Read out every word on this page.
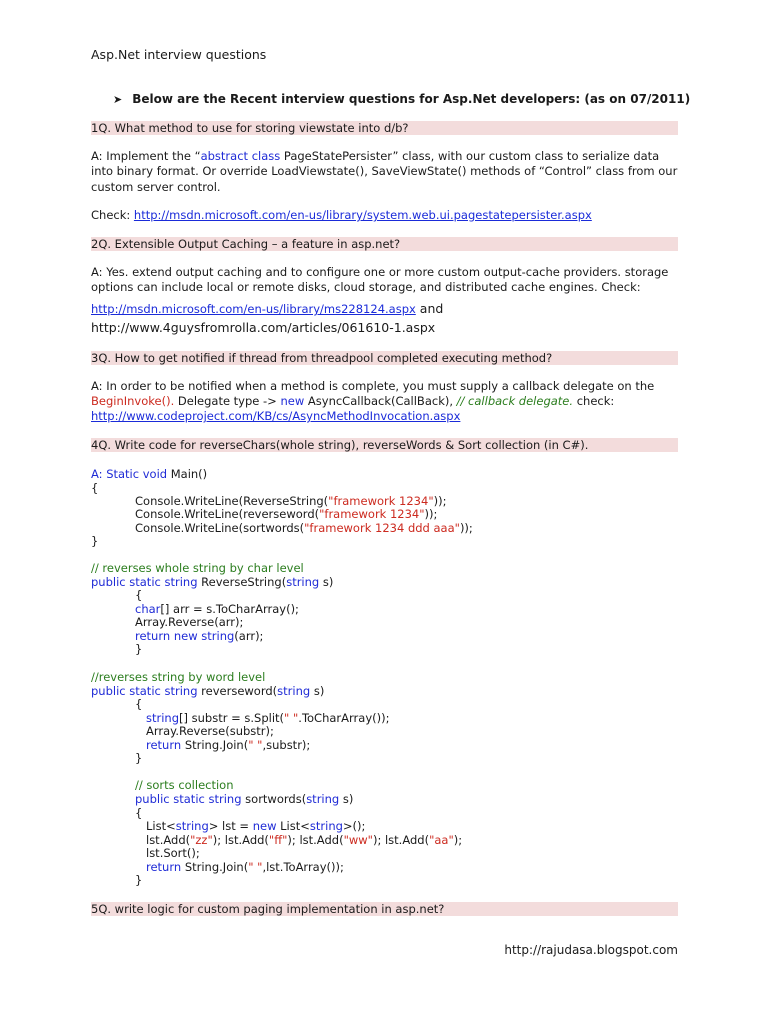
Asp.Net interview questions
➤ Below are the Recent interview questions for Asp.Net developers: (as on 07/2011)
1Q. What method to use for storing viewstate into d/b?
A: Implement the “abstract class PageStatePersister” class, with our custom class to serialize data into binary format. Or override LoadViewstate(), SaveViewState() methods of “Control” class from our custom server control.
Check: http://msdn.microsoft.com/en-us/library/system.web.ui.pagestatepersister.aspx
2Q. Extensible Output Caching – a feature in asp.net?
A: Yes. extend output caching and to configure one or more custom output-cache providers. storage options can include local or remote disks, cloud storage, and distributed cache engines. Check:
http://msdn.microsoft.com/en-us/library/ms228124.aspx and
http://www.4guysfromrolla.com/articles/061610-1.aspx
3Q. How to get notified if thread from threadpool completed executing method?
A: In order to be notified when a method is complete, you must supply a callback delegate on the
BeginInvoke(). Delegate type -> new AsyncCallback(CallBack), // callback delegate. check:
http://www.codeproject.com/KB/cs/AsyncMethodInvocation.aspx
4Q. Write code for reverseChars(whole string), reverseWords & Sort collection (in C#).
A: Static void Main()
{
Console.WriteLine(ReverseString("framework 1234"));
Console.WriteLine(reverseword("framework 1234"));
Console.WriteLine(sortwords("framework 1234 ddd aaa"));
}
// reverses whole string by char level
public static string ReverseString(string s)
{
char[] arr = s.ToCharArray();
Array.Reverse(arr);
return new string(arr);
}
//reverses string by word level
public static string reverseword(string s)
{
string[] substr = s.Split(" ".ToCharArray());
Array.Reverse(substr);
return String.Join(" ",substr);
}
// sorts collection
public static string sortwords(string s)
{
List<string> lst = new List<string>();
lst.Add("zz"); lst.Add("ff"); lst.Add("ww"); lst.Add("aa");
lst.Sort();
return String.Join(" ",lst.ToArray());
}
5Q. write logic for custom paging implementation in asp.net?
http://rajudasa.blogspot.com
